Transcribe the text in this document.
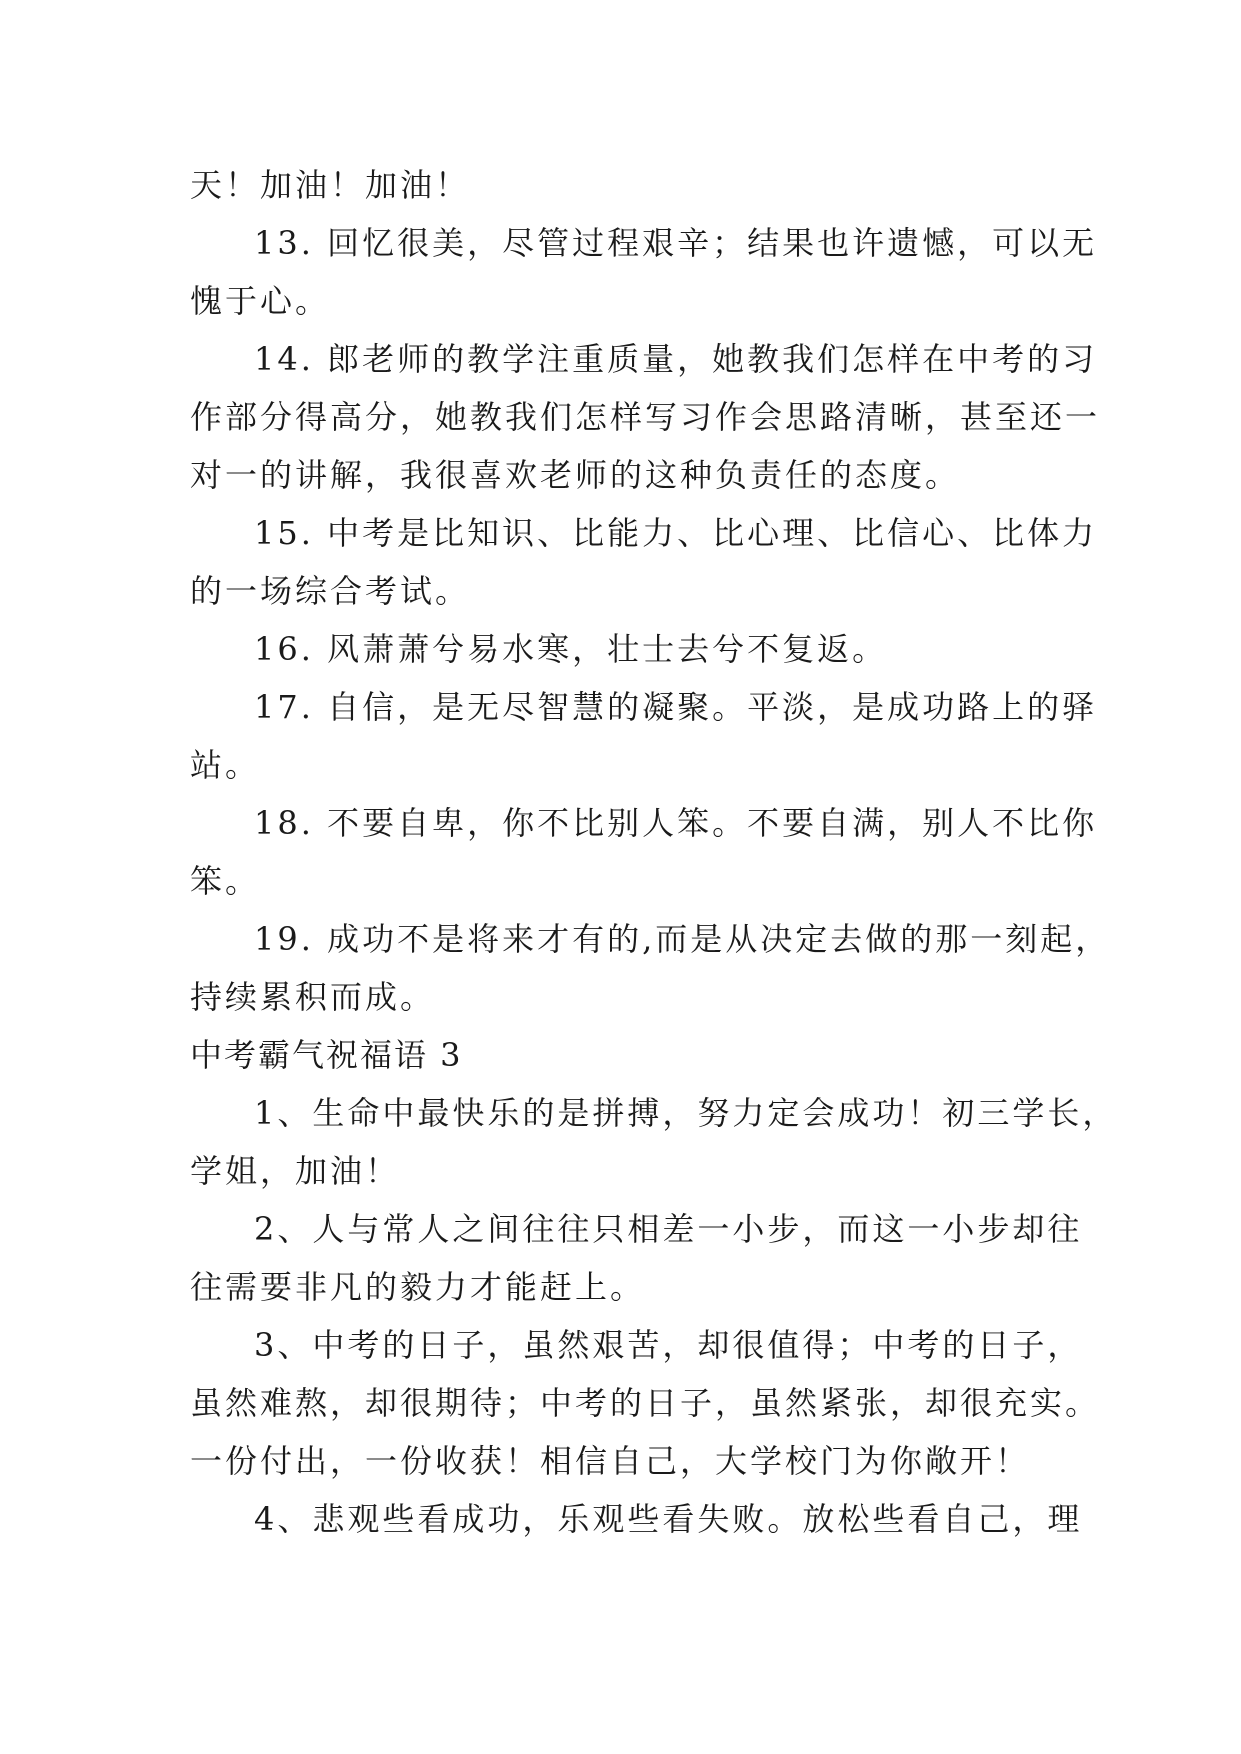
天！加油！加油！
13. 回忆很美，尽管过程艰辛；结果也许遗憾，可以无
愧于心。
14. 郎老师的教学注重质量，她教我们怎样在中考的习
作部分得高分，她教我们怎样写习作会思路清晰，甚至还一
对一的讲解，我很喜欢老师的这种负责任的态度。
15. 中考是比知识、比能力、比心理、比信心、比体力
的一场综合考试。
16. 风萧萧兮易水寒，壮士去兮不复返。
17. 自信，是无尽智慧的凝聚。平淡，是成功路上的驿
站。
18. 不要自卑，你不比别人笨。不要自满，别人不比你
笨。
19. 成功不是将来才有的,而是从决定去做的那一刻起，
持续累积而成。
中考霸气祝福语 3
1、生命中最快乐的是拼搏，努力定会成功！初三学长，
学姐，加油！
2、人与常人之间往往只相差一小步，而这一小步却往
往需要非凡的毅力才能赶上。
3、中考的日子，虽然艰苦，却很值得；中考的日子，
虽然难熬，却很期待；中考的日子，虽然紧张，却很充实。
一份付出，一份收获！相信自己，大学校门为你敞开！
4、悲观些看成功，乐观些看失败。放松些看自己，理
